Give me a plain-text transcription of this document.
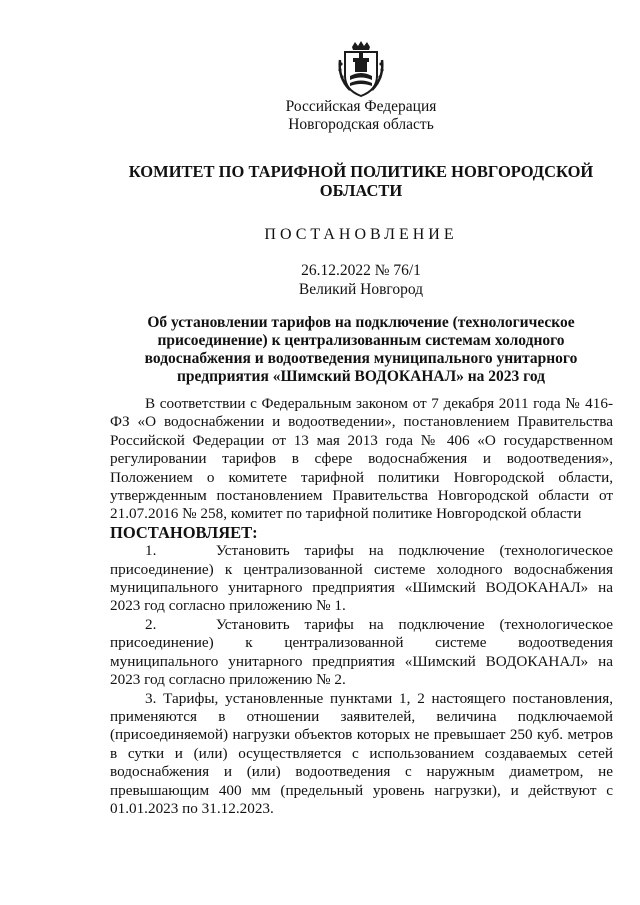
Российская Федерация
Новгородская область
КОМИТЕТ ПО ТАРИФНОЙ ПОЛИТИКЕ НОВГОРОДСКОЙ ОБЛАСТИ
ПОСТАНОВЛЕНИЕ
26.12.2022 № 76/1
Великий Новгород
Об установлении тарифов на подключение (технологическое присоединение) к централизованным системам холодного водоснабжения и водоотведения муниципального унитарного предприятия «Шимский ВОДОКАНАЛ» на 2023 год

В соответствии с Федеральным законом от 7 декабря 2011 года № 416-ФЗ «О водоснабжении и водоотведении», постановлением Правительства Российской Федерации от 13 мая 2013 года № 406 «О государственном регулировании тарифов в сфере водоснабжения и водоотведения», Положением о комитете тарифной политики Новгородской области, утвержденным постановлением Правительства Новгородской области от 21.07.2016 № 258, комитет по тарифной политике Новгородской области

ПОСТАНОВЛЯЕТ:

1.    Установить тарифы на подключение (технологическое присоединение) к централизованной системе холодного водоснабжения муниципального унитарного предприятия «Шимский ВОДОКАНАЛ» на 2023 год согласно приложению № 1.

2.    Установить тарифы на подключение (технологическое присоединение) к централизованной системе водоотведения муниципального унитарного предприятия «Шимский ВОДОКАНАЛ» на 2023 год согласно приложению № 2.

3. Тарифы, установленные пунктами 1, 2 настоящего постановления, применяются в отношении заявителей, величина подключаемой (присоединяемой) нагрузки объектов которых не превышает 250 куб. метров в сутки и (или) осуществляется с использованием создаваемых сетей водоснабжения и (или) водоотведения с наружным диаметром, не превышающим 400 мм (предельный уровень нагрузки), и действуют с 01.01.2023 по 31.12.2023.
